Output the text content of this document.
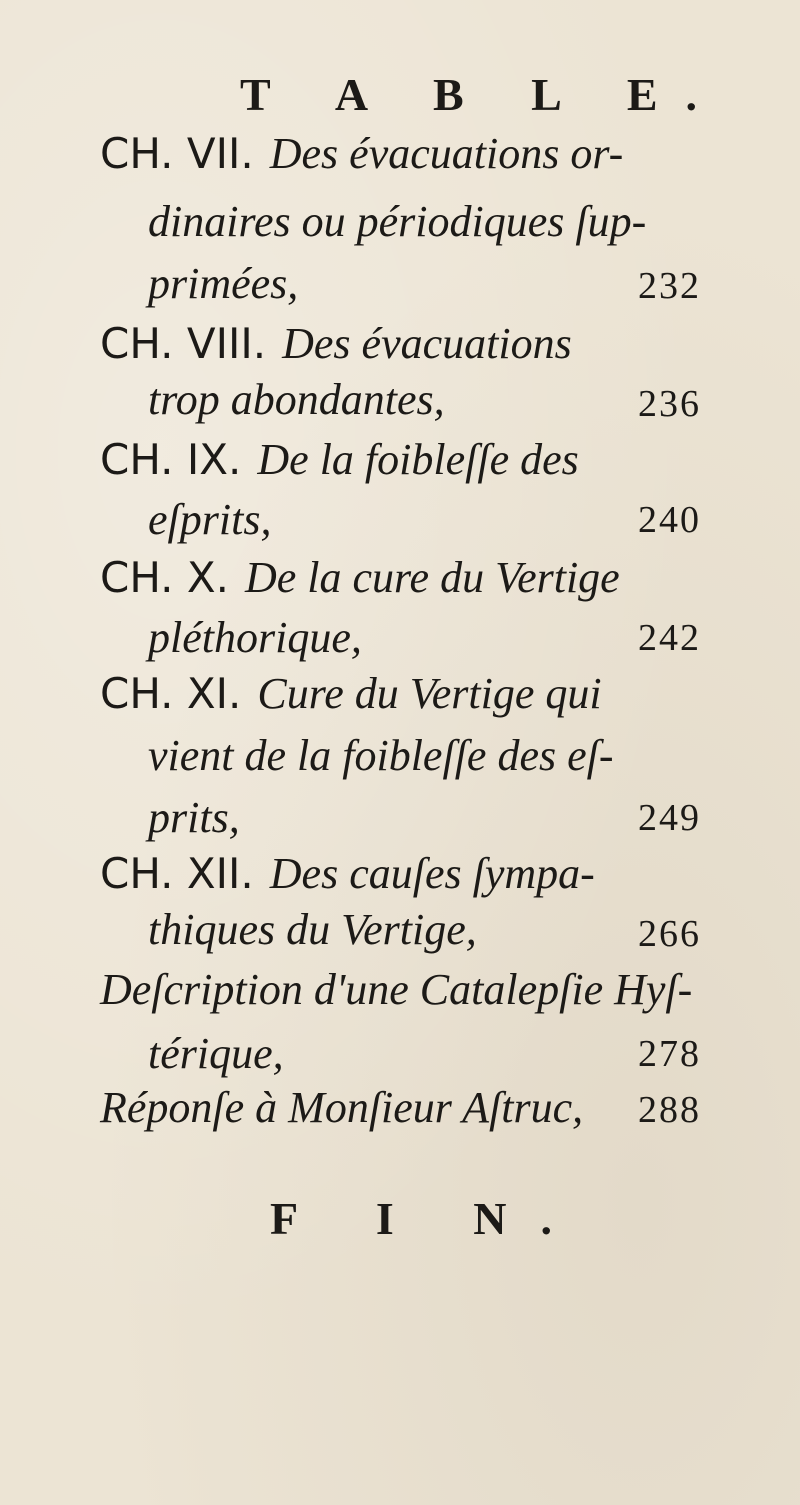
T A B L E.
CH. VII. Des évacuations or-
dinaires ou périodiques ſup-
primées,	232
CH. VIII. Des évacuations
trop abondantes,	236
CH. IX. De la foibleſſe des
eſprits,	240
CH. X. De la cure du Vertige
pléthorique,	242
CH. XI. Cure du Vertige qui
vient de la foibleſſe des eſ-
prits,	249
CH. XII. Des cauſes ſympa-
thiques du Vertige,	266
Deſcription d'une Catalepſie Hyſ-
térique,	278
Réponſe à Monſieur Aſtruc, 288
F I N.
